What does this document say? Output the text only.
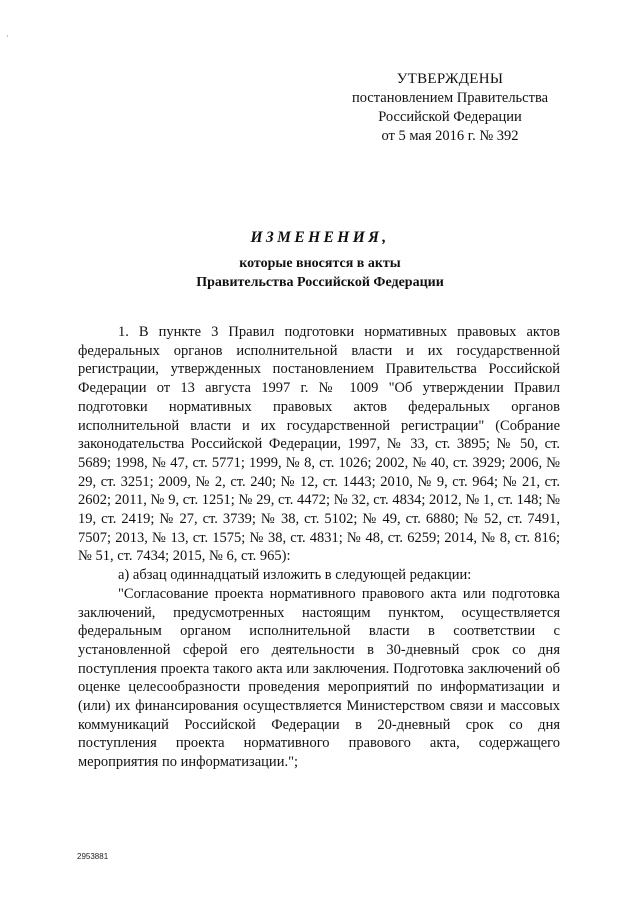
·
УТВЕРЖДЕНЫ
постановлением Правительства
Российской Федерации
от 5 мая 2016 г. № 392
ИЗМЕНЕНИЯ,
которые вносятся в акты
Правительства Российской Федерации

1. В пункте 3 Правил подготовки нормативных правовых актов федеральных органов исполнительной власти и их государственной регистрации, утвержденных постановлением Правительства Российской Федерации от 13 августа 1997 г. № 1009 "Об утверждении Правил подготовки нормативных правовых актов федеральных органов исполнительной власти и их государственной регистрации" (Собрание законодательства Российской Федерации, 1997, № 33, ст. 3895; № 50, ст. 5689; 1998, № 47, ст. 5771; 1999, № 8, ст. 1026; 2002, № 40, ст. 3929; 2006, № 29, ст. 3251; 2009, № 2, ст. 240; № 12, ст. 1443; 2010, № 9, ст. 964; № 21, ст. 2602; 2011, № 9, ст. 1251; № 29, ст. 4472; № 32, ст. 4834; 2012, № 1, ст. 148; № 19, ст. 2419; № 27, ст. 3739; № 38, ст. 5102; № 49, ст. 6880; № 52, ст. 7491, 7507; 2013, № 13, ст. 1575; № 38, ст. 4831; № 48, ст. 6259; 2014, № 8, ст. 816; № 51, ст. 7434; 2015, № 6, ст. 965):

а) абзац одиннадцатый изложить в следующей редакции:

"Согласование проекта нормативного правового акта или подготовка заключений, предусмотренных настоящим пунктом, осуществляется федеральным органом исполнительной власти в соответствии с установленной сферой его деятельности в 30-дневный срок со дня поступления проекта такого акта или заключения. Подготовка заключений об оценке целесообразности проведения мероприятий по информатизации и (или) их финансирования осуществляется Министерством связи и массовых коммуникаций Российской Федерации в 20-дневный срок со дня поступления проекта нормативного правового акта, содержащего мероприятия по информатизации.";

2953881
